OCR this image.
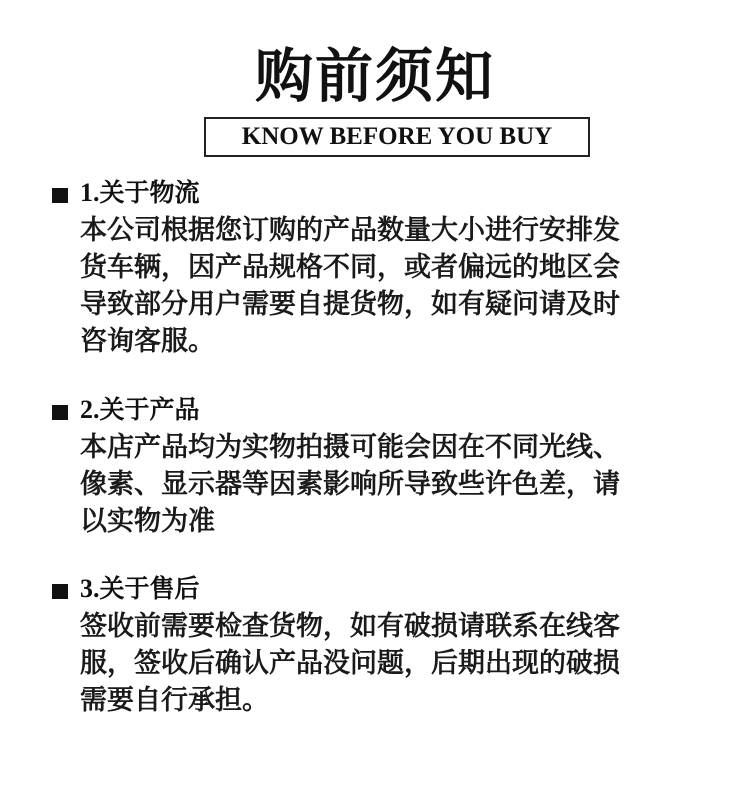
购前须知
KNOW BEFORE YOU BUY
1.关于物流

本公司根据您订购的产品数量大小进行安排发
货车辆，因产品规格不同，或者偏远的地区会
导致部分用户需要自提货物，如有疑问请及时
咨询客服。

2.关于产品

本店产品均为实物拍摄可能会因在不同光线、
像素、显示器等因素影响所导致些许色差，请
以实物为准

3.关于售后

签收前需要检查货物，如有破损请联系在线客
服，签收后确认产品没问题，后期出现的破损
需要自行承担。
